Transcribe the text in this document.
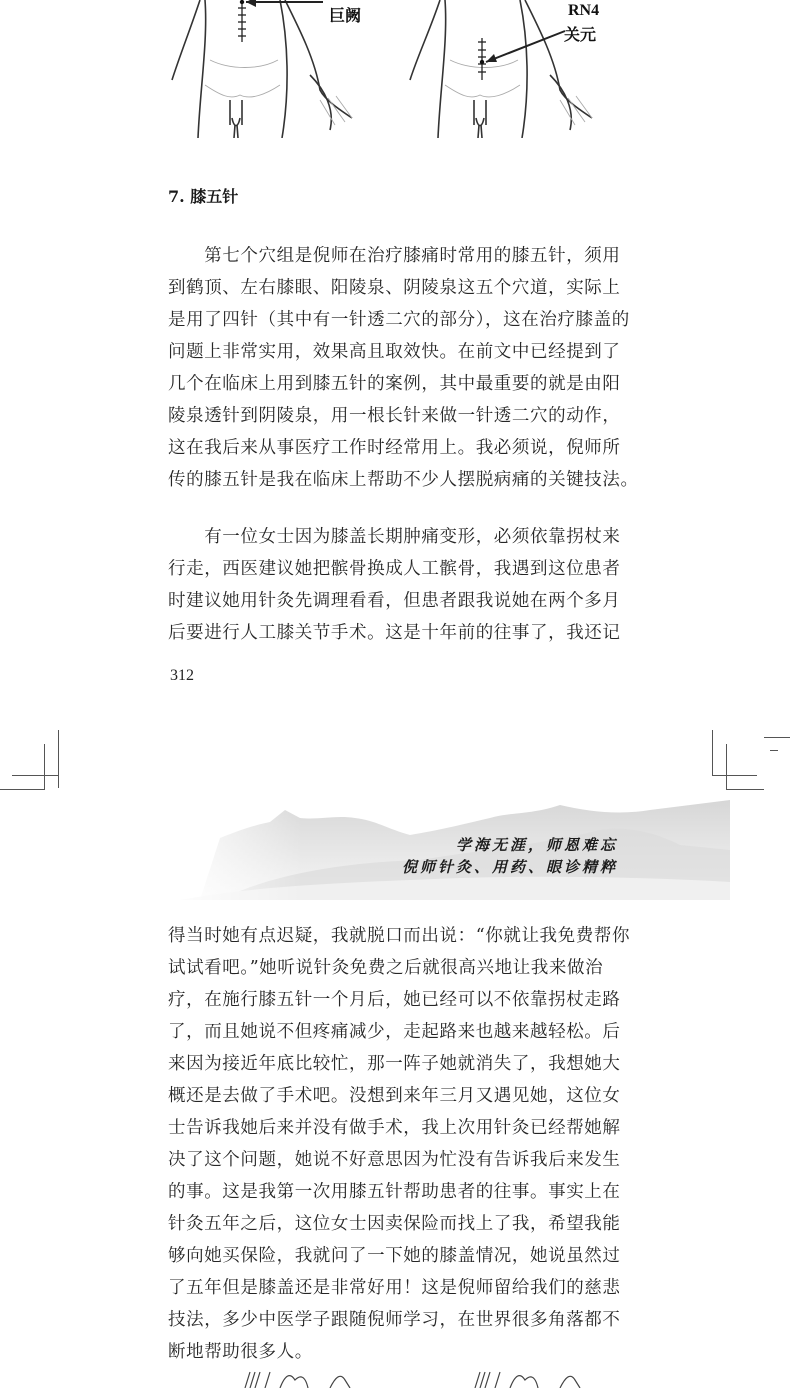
巨阙	RN4
关元
7. 膝五针
　　第七个穴组是倪师在治疗膝痛时常用的膝五针，须用
到鹤顶、左右膝眼、阳陵泉、阴陵泉这五个穴道，实际上
是用了四针（其中有一针透二穴的部分），这在治疗膝盖的
问题上非常实用，效果高且取效快。在前文中已经提到了
几个在临床上用到膝五针的案例，其中最重要的就是由阳
陵泉透针到阴陵泉，用一根长针来做一针透二穴的动作，
这在我后来从事医疗工作时经常用上。我必须说，倪师所
传的膝五针是我在临床上帮助不少人摆脱病痛的关键技法。
　　有一位女士因为膝盖长期肿痛变形，必须依靠拐杖来
行走，西医建议她把髌骨换成人工髌骨，我遇到这位患者
时建议她用针灸先调理看看，但患者跟我说她在两个多月
后要进行人工膝关节手术。这是十年前的往事了，我还记
312
学海无涯，师恩难忘
倪师针灸、用药、眼诊精粹
得当时她有点迟疑，我就脱口而出说：“你就让我免费帮你
试试看吧。”她听说针灸免费之后就很高兴地让我来做治
疗，在施行膝五针一个月后，她已经可以不依靠拐杖走路
了，而且她说不但疼痛减少，走起路来也越来越轻松。后
来因为接近年底比较忙，那一阵子她就消失了，我想她大
概还是去做了手术吧。没想到来年三月又遇见她，这位女
士告诉我她后来并没有做手术，我上次用针灸已经帮她解
决了这个问题，她说不好意思因为忙没有告诉我后来发生
的事。这是我第一次用膝五针帮助患者的往事。事实上在
针灸五年之后，这位女士因卖保险而找上了我，希望我能
够向她买保险，我就问了一下她的膝盖情况，她说虽然过
了五年但是膝盖还是非常好用！这是倪师留给我们的慈悲
技法，多少中医学子跟随倪师学习，在世界很多角落都不
断地帮助很多人。
